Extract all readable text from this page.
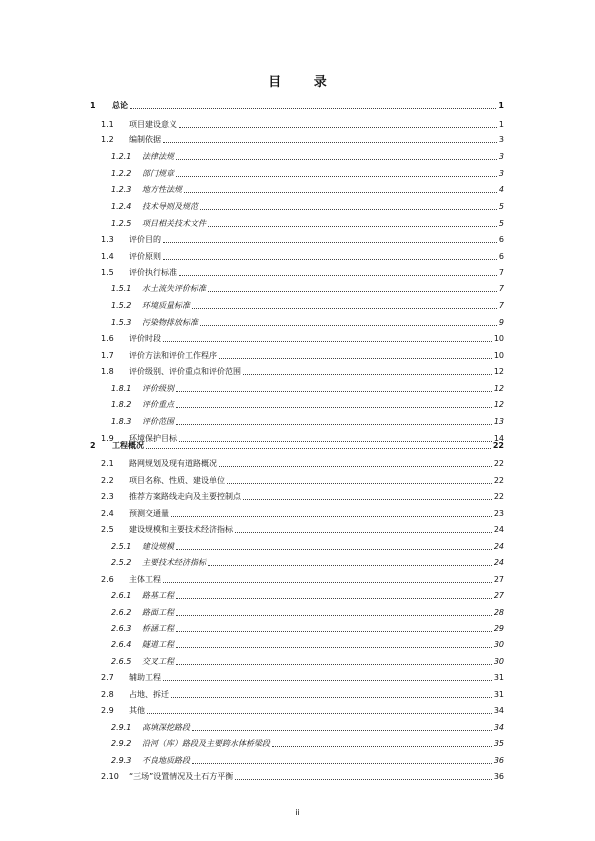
目 录
1	总论	1
1.1	项目建设意义	1
1.2	编制依据	3
1.2.1	法律法规	3
1.2.2	部门规章	3
1.2.3	地方性法规	4
1.2.4	技术导则及规范	5
1.2.5	项目相关技术文件	5
1.3	评价目的	6
1.4	评价原则	6
1.5	评价执行标准	7
1.5.1	水土流失评价标准	7
1.5.2	环境质量标准	7
1.5.3	污染物排放标准	9
1.6	评价时段	10
1.7	评价方法和评价工作程序	10
1.8	评价级别、评价重点和评价范围	12
1.8.1	评价级别	12
1.8.2	评价重点	12
1.8.3	评价范围	13
1.9	环境保护目标	14
2	工程概况	22
2.1	路网规划及现有道路概况	22
2.2	项目名称、性质、建设单位	22
2.3	推荐方案路线走向及主要控制点	22
2.4	预测交通量	23
2.5	建设规模和主要技术经济指标	24
2.5.1	建设规模	24
2.5.2	主要技术经济指标	24
2.6	主体工程	27
2.6.1	路基工程	27
2.6.2	路面工程	28
2.6.3	桥涵工程	29
2.6.4	隧道工程	30
2.6.5	交叉工程	30
2.7	辅助工程	31
2.8	占地、拆迁	31
2.9	其他	34
2.9.1	高填深挖路段	34
2.9.2	沿河（库）路段及主要跨水体桥梁段	35
2.9.3	不良地质路段	36
2.10	“三场”设置情况及土石方平衡	36
ii
